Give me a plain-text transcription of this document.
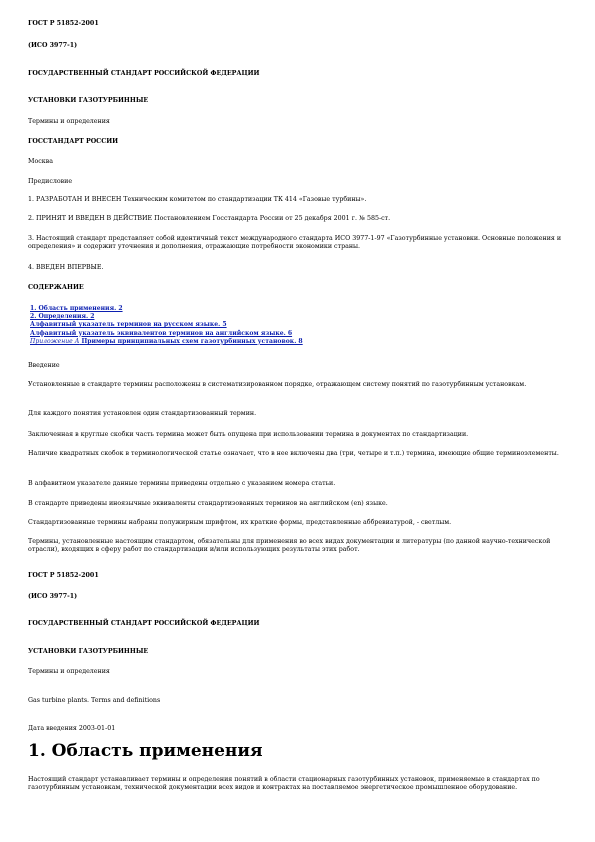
ГОСТ Р 51852-2001

(ИСО 3977-1)

ГОСУДАРСТВЕННЫЙ СТАНДАРТ РОССИЙСКОЙ ФЕДЕРАЦИИ

УСТАНОВКИ ГАЗОТУРБИННЫЕ

Термины и определения

ГОССТАНДАРТ РОССИИ

Москва

Предисловие

1. РАЗРАБОТАН И ВНЕСЕН Техническим комитетом по стандартизации ТК 414 «Газовые турбины».

2. ПРИНЯТ И ВВЕДЕН В ДЕЙСТВИЕ Постановлением Госстандарта России от 25 декабря 2001 г. № 585-ст.

3. Настоящий стандарт представляет собой идентичный текст международного стандарта ИСО 3977-1-97 «Газотурбинные установки. Основные положения и определения» и содержит уточнения и дополнения, отражающие потребности экономики страны.

4. ВВЕДЕН ВПЕРВЫЕ.

СОДЕРЖАНИЕ

1. Область применения. 2
2. Определения. 2
Алфавитный указатель терминов на русском языке. 5
Алфавитный указатель эквивалентов терминов на английском языке. 6
Приложение А Примеры принципиальных схем газотурбинных установок. 8

Введение

Установленные в стандарте термины расположены в систематизированном порядке, отражающем систему понятий по газотурбинным установкам.

Для каждого понятия установлен один стандартизованный термин.

Заключенная в круглые скобки часть термина может быть опущена при использовании термина в документах по стандартизации.

Наличие квадратных скобок в терминологической статье означает, что в нее включены два (три, четыре и т.п.) термина, имеющие общие терминоэлементы.

В алфавитном указателе данные термины приведены отдельно с указанием номера статьи.

В стандарте приведены иноязычные эквиваленты стандартизованных терминов на английском (en) языке.

Стандартизованные термины набраны полужирным шрифтом, их краткие формы, представленные аббревиатурой, - светлым.

Термины, установленные настоящим стандартом, обязательны для применения во всех видах документации и литературы (по данной научно-технической отрасли), входящих в сферу работ по стандартизации и/или использующих результаты этих работ.

ГОСТ Р 51852-2001

(ИСО 3977-1)

ГОСУДАРСТВЕННЫЙ СТАНДАРТ РОССИЙСКОЙ ФЕДЕРАЦИИ

УСТАНОВКИ ГАЗОТУРБИННЫЕ

Термины и определения

Gas turbine plants. Terms and definitions

Дата введения 2003-01-01

1. Область применения

Настоящий стандарт устанавливает термины и определения понятий в области стационарных газотурбинных установок, применяемые в стандартах по газотурбинным установкам, технической документации всех видов и контрактах на поставляемое энергетическое промышленное оборудование.
